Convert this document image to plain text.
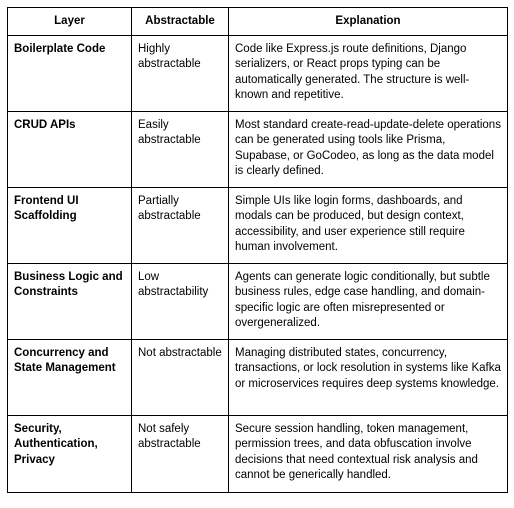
Layer	Abstractable	Explanation
Boilerplate Code	Highly abstractable	Code like Express.js route definitions, Django serializers, or React props typing can be automatically generated. The structure is well-known and repetitive.
CRUD APIs	Easily abstractable	Most standard create-read-update-delete operations can be generated using tools like Prisma, Supabase, or GoCodeo, as long as the data model is clearly defined.
Frontend UI Scaffolding	Partially abstractable	Simple UIs like login forms, dashboards, and modals can be produced, but design context, accessibility, and user experience still require human involvement.
Business Logic and Constraints	Low abstractability	Agents can generate logic conditionally, but subtle business rules, edge case handling, and domain-specific logic are often misrepresented or overgeneralized.
Concurrency and State Management	Not abstractable	Managing distributed states, concurrency, transactions, or lock resolution in systems like Kafka or microservices requires deep systems knowledge.
Security, Authentication, Privacy	Not safely abstractable	Secure session handling, token management, permission trees, and data obfuscation involve decisions that need contextual risk analysis and cannot be generically handled.
